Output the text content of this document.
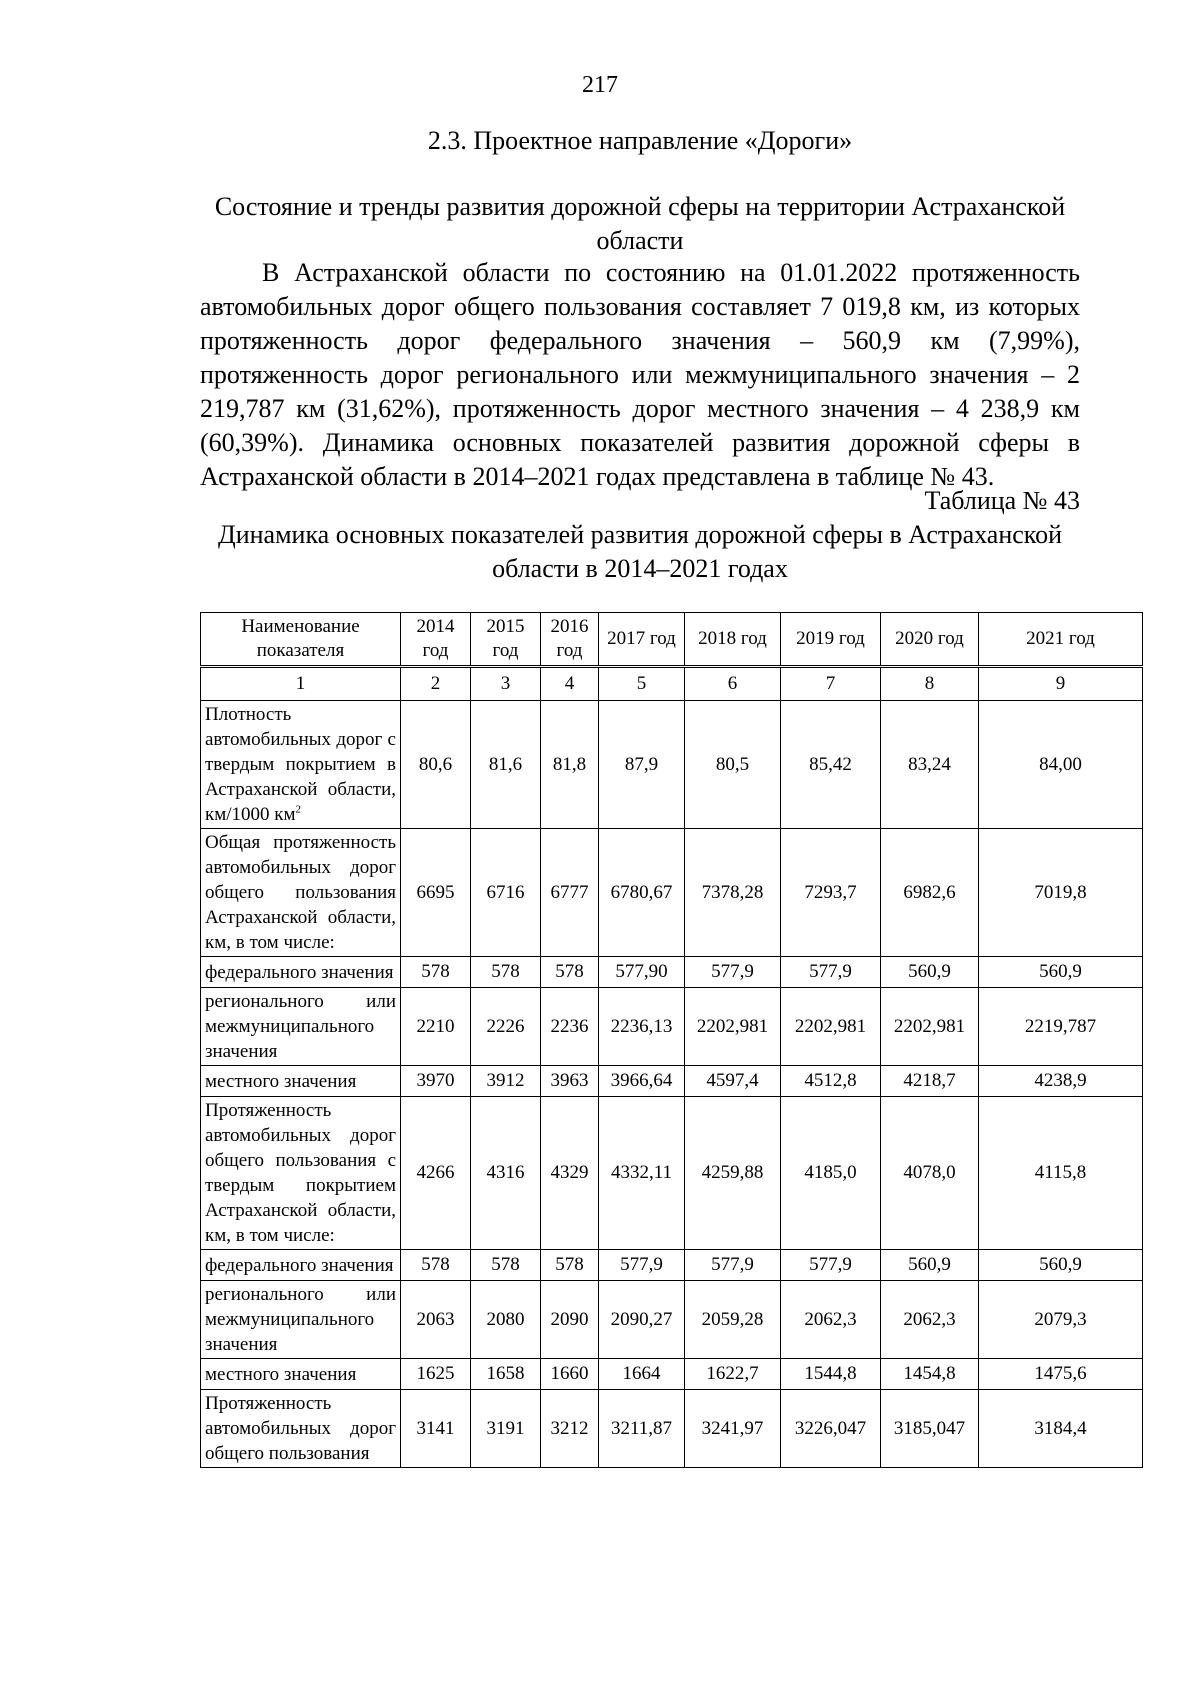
217
2.3. Проектное направление «Дороги»
Состояние и тренды развития дорожной сферы на территории Астраханской области

В Астраханской области по состоянию на 01.01.2022 протяженность автомобильных дорог общего пользования составляет 7 019,8 км, из которых протяженность дорог федерального значения – 560,9 км (7,99%), протяженность дорог регионального или межмуниципального значения – 2 219,787 км (31,62%), протяженность дорог местного значения – 4 238,9 км (60,39%). Динамика основных показателей развития дорожной сферы в Астраханской области в 2014–2021 годах представлена в таблице № 43.

Таблица № 43
Динамика основных показателей развития дорожной сферы в Астраханской области в 2014–2021 годах
Наименование показателя	2014 год	2015 год	2016 год	2017 год	2018 год	2019 год	2020 год	2021 год
1	2	3	4	5	6	7	8	9
Плотность автомобильных дорог с твердым покрытием в Астраханской области, км/1000 $км^2$	80,6	81,6	81,8	87,9	80,5	85,42	83,24	84,00
Общая протяженность автомобильных дорог общего пользования Астраханской области, км, в том числе:	6695	6716	6777	6780,67	7378,28	7293,7	6982,6	7019,8
федерального значения	578	578	578	577,90	577,9	577,9	560,9	560,9
регионального или межмуниципального значения	2210	2226	2236	2236,13	2202,981	2202,981	2202,981	2219,787
местного значения	3970	3912	3963	3966,64	4597,4	4512,8	4218,7	4238,9
Протяженность автомобильных дорог общего пользования с твердым покрытием Астраханской области, км, в том числе:	4266	4316	4329	4332,11	4259,88	4185,0	4078,0	4115,8
федерального значения	578	578	578	577,9	577,9	577,9	560,9	560,9
регионального или межмуниципального значения	2063	2080	2090	2090,27	2059,28	2062,3	2062,3	2079,3
местного значения	1625	1658	1660	1664	1622,7	1544,8	1454,8	1475,6
Протяженность автомобильных дорог общего пользования	3141	3191	3212	3211,87	3241,97	3226,047	3185,047	3184,4
